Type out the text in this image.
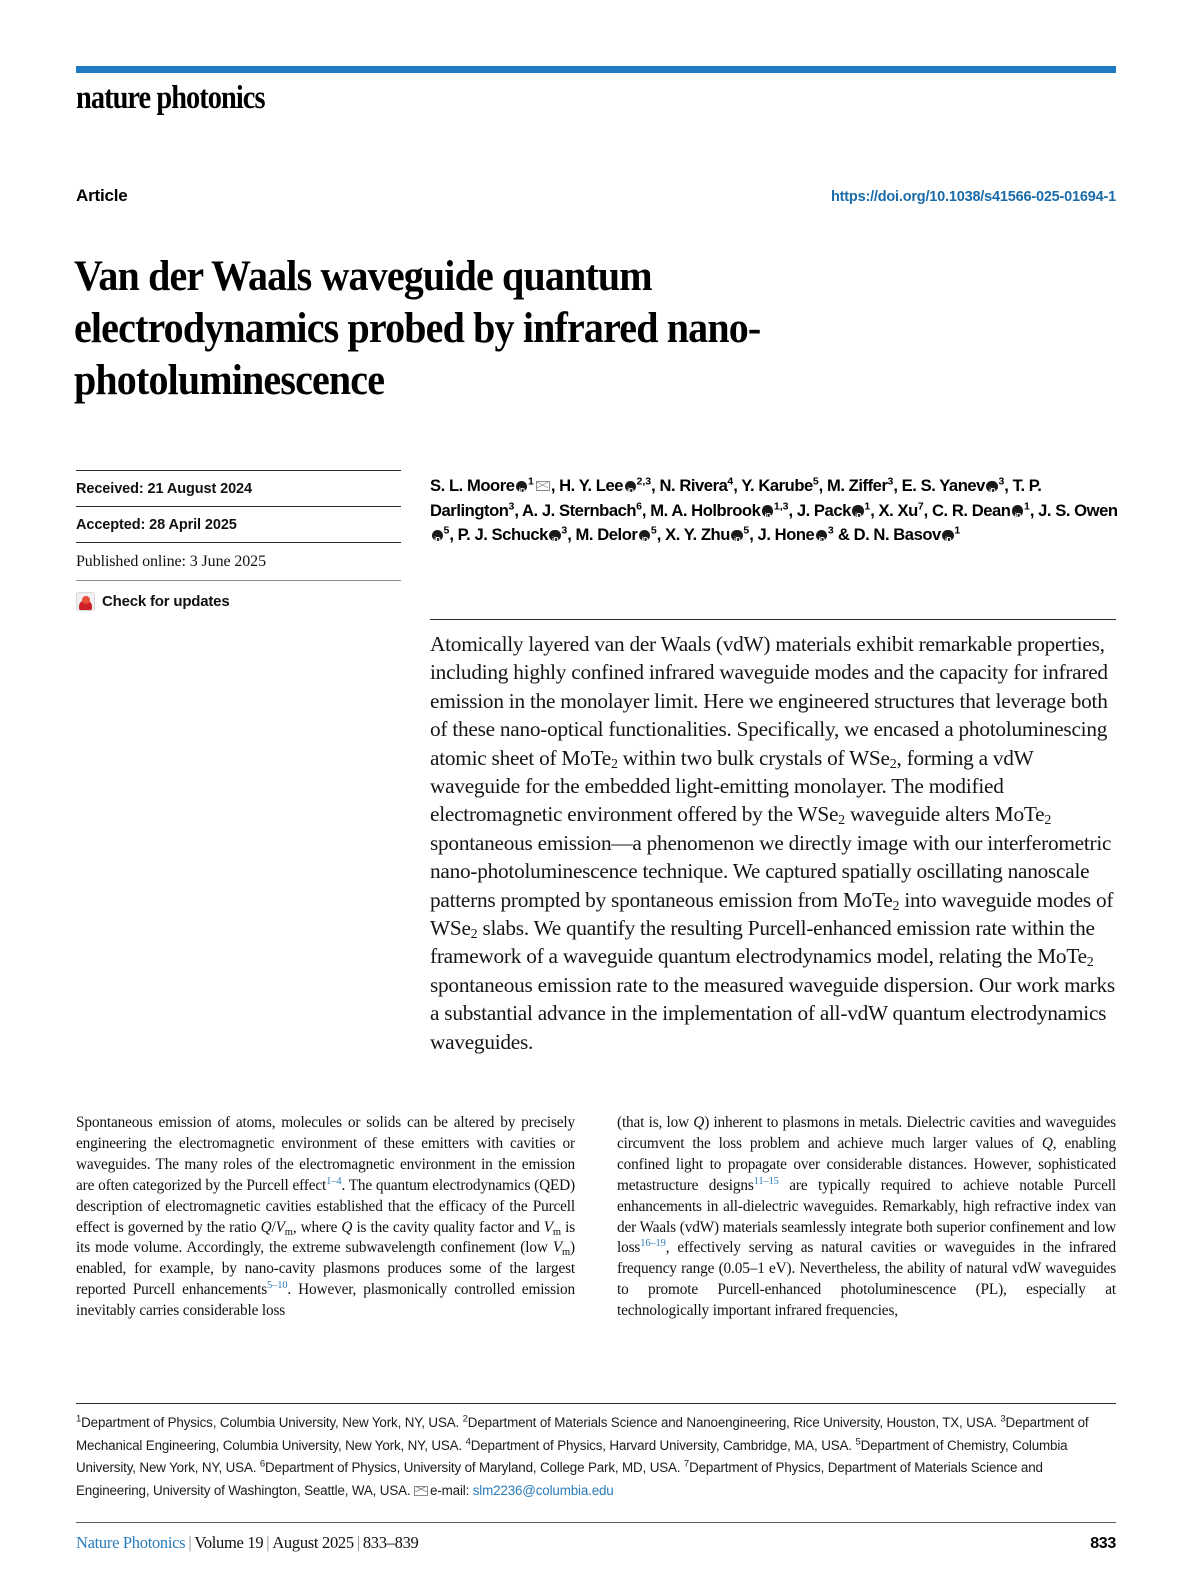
nature photonics
Article	https://doi.org/10.1038/s41566-025-01694-1
Van der Waals waveguide quantum electrodynamics probed by infrared nano-photoluminescence
Received: 21 August 2024
Accepted: 28 April 2025
Published online: 3 June 2025
Check for updates
S. L. Moore iD $^1$ , H. Y. Lee iD $^{2,3}$, N. Rivera$^4$, Y. Karube$^5$, M. Ziffer$^3$, E. S. YaneviD $^3$, T. P. Darlington$^3$, A. J. Sternbach$^6$, M. A. Holbrook iD $^{1,3}$, J. Pack iD $^1$, X. Xu$^7$, C. R. Dean iD $^1$, J. S. OweniD$^5$, P. J. Schuck iD $^3$, M. Delor iD $^5$, X. Y. Zhu iD $^5$, J. HoneiD $^3$ & D. N. Basov iD $^1$
Atomically layered van der Waals (vdW) materials exhibit remarkable properties, including highly confined infrared waveguide modes and the capacity for infrared emission in the monolayer limit. Here we engineered structures that leverage both of these nano-optical functionalities. Specifically, we encased a photoluminescing atomic sheet of MoTe$_2$ within two bulk crystals of WSe$_2$, forming a vdW waveguide for the embedded light-emitting monolayer. The modified electromagnetic environment offered by the WSe$_2$ waveguide alters MoTe$_2$ spontaneous emission—a phenomenon we directly image with our interferometric nano-photoluminescence technique. We captured spatially oscillating nanoscale patterns prompted by spontaneous emission from MoTe$_2$ into waveguide modes of WSe$_2$ slabs. We quantify the resulting Purcell-enhanced emission rate within the framework of a waveguide quantum electrodynamics model, relating the MoTe$_2$ spontaneous emission rate to the measured waveguide dispersion. Our work marks a substantial advance in the implementation of all-vdW quantum electrodynamics waveguides.
Spontaneous emission of atoms, molecules or solids can be altered by precisely engineering the electromagnetic environment of these emitters with cavities or waveguides. The many roles of the electromagnetic environment in the emission are often categorized by the Purcell effect$^{1-4}$. The quantum electrodynamics (QED) description of electromagnetic cavities established that the efficacy of the Purcell effect is governed by the ratio $Q/V_m$, where Q is the cavity quality factor and $V_m$ is its mode volume. Accordingly, the extreme subwavelength confinement (low $V_m$) enabled, for example, by nano-cavity plasmons produces some of the largest reported Purcell enhancements$^{5-10}$. However, plasmonically controlled emission inevitably carries considerable loss
(that is, low Q) inherent to plasmons in metals. Dielectric cavities and waveguides circumvent the loss problem and achieve much larger values of Q, enabling confined light to propagate over considerable distances. However, sophisticated metastructure designs$^{11-15}$ are typically required to achieve notable Purcell enhancements in all-dielectric waveguides. Remarkably, high refractive index van der Waals (vdW) materials seamlessly integrate both superior confinement and low loss$^{16-19}$, effectively serving as natural cavities or waveguides in the infrared frequency range (0.05–1 eV). Nevertheless, the ability of natural vdW waveguides to promote Purcell-enhanced photoluminescence (PL), especially at technologically important infrared frequencies,
$^1$Department of Physics, Columbia University, New York, NY, USA. $^2$Department of Materials Science and Nanoengineering, Rice University, Houston, TX, USA. $^3$Department of Mechanical Engineering, Columbia University, New York, NY, USA. $^4$Department of Physics, Harvard University, Cambridge, MA, USA. $^5$Department of Chemistry, Columbia University, New York, NY, USA. $^6$Department of Physics, University of Maryland, College Park, MD, USA. $^7$Department of Physics, Department of Materials Science and Engineering, University of Washington, Seattle, WA, USA. e-mail: slm2236@columbia.edu
Nature Photonics | Volume 19 | August 2025 | 833–839	833
